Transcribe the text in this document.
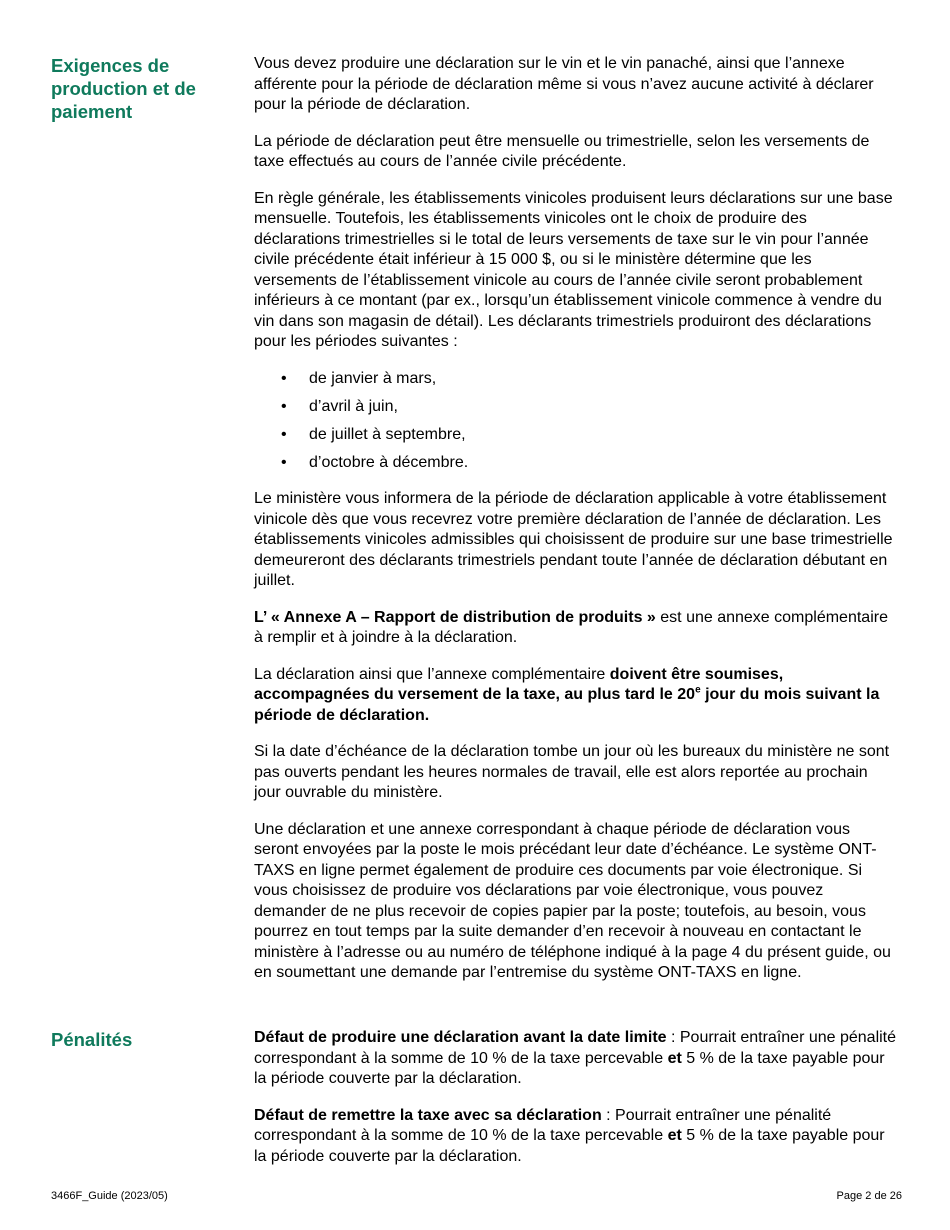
Exigences de production et de paiement

Vous devez produire une déclaration sur le vin et le vin panaché, ainsi que l’annexe afférente pour la période de déclaration même si vous n’avez aucune activité à déclarer pour la période de déclaration.

La période de déclaration peut être mensuelle ou trimestrielle, selon les versements de taxe effectués au cours de l’année civile précédente.

En règle générale, les établissements vinicoles produisent leurs déclarations sur une base mensuelle. Toutefois, les établissements vinicoles ont le choix de produire des déclarations trimestrielles si le total de leurs versements de taxe sur le vin pour l’année civile précédente était inférieur à 15 000 $, ou si le ministère détermine que les versements de l’établissement vinicole au cours de l’année civile seront probablement inférieurs à ce montant (par ex., lorsqu’un établissement vinicole commence à vendre du vin dans son magasin de détail). Les déclarants trimestriels produiront des déclarations pour les périodes suivantes :

• de janvier à mars,
• d’avril à juin,
• de juillet à septembre,
• d’octobre à décembre.

Le ministère vous informera de la période de déclaration applicable à votre établissement vinicole dès que vous recevrez votre première déclaration de l’année de déclaration. Les établissements vinicoles admissibles qui choisissent de produire sur une base trimestrielle demeureront des déclarants trimestriels pendant toute l’année de déclaration débutant en juillet.

L’ « Annexe A – Rapport de distribution de produits » est une annexe complémentaire à remplir et à joindre à la déclaration.

La déclaration ainsi que l’annexe complémentaire doivent être soumises, accompagnées du versement de la taxe, au plus tard le 20e jour du mois suivant la période de déclaration.

Si la date d’échéance de la déclaration tombe un jour où les bureaux du ministère ne sont pas ouverts pendant les heures normales de travail, elle est alors reportée au prochain jour ouvrable du ministère.

Une déclaration et une annexe correspondant à chaque période de déclaration vous seront envoyées par la poste le mois précédant leur date d’échéance. Le système ONT-TAXS en ligne permet également de produire ces documents par voie électronique. Si vous choisissez de produire vos déclarations par voie électronique, vous pouvez demander de ne plus recevoir de copies papier par la poste; toutefois, au besoin, vous pourrez en tout temps par la suite demander d’en recevoir à nouveau en contactant le ministère à l’adresse ou au numéro de téléphone indiqué à la page 4 du présent guide, ou en soumettant une demande par l’entremise du système ONT-TAXS en ligne.

Pénalités	Défaut de produire une déclaration avant la date limite : Pourrait entraîner une pénalité correspondant à la somme de 10 % de la taxe percevable et 5 % de la taxe payable pour la période couverte par la déclaration.

Défaut de remettre la taxe avec sa déclaration : Pourrait entraîner une pénalité correspondant à la somme de 10 % de la taxe percevable et 5 % de la taxe payable pour la période couverte par la déclaration.

3466F_Guide (2023/05)	Page 2 de 26
